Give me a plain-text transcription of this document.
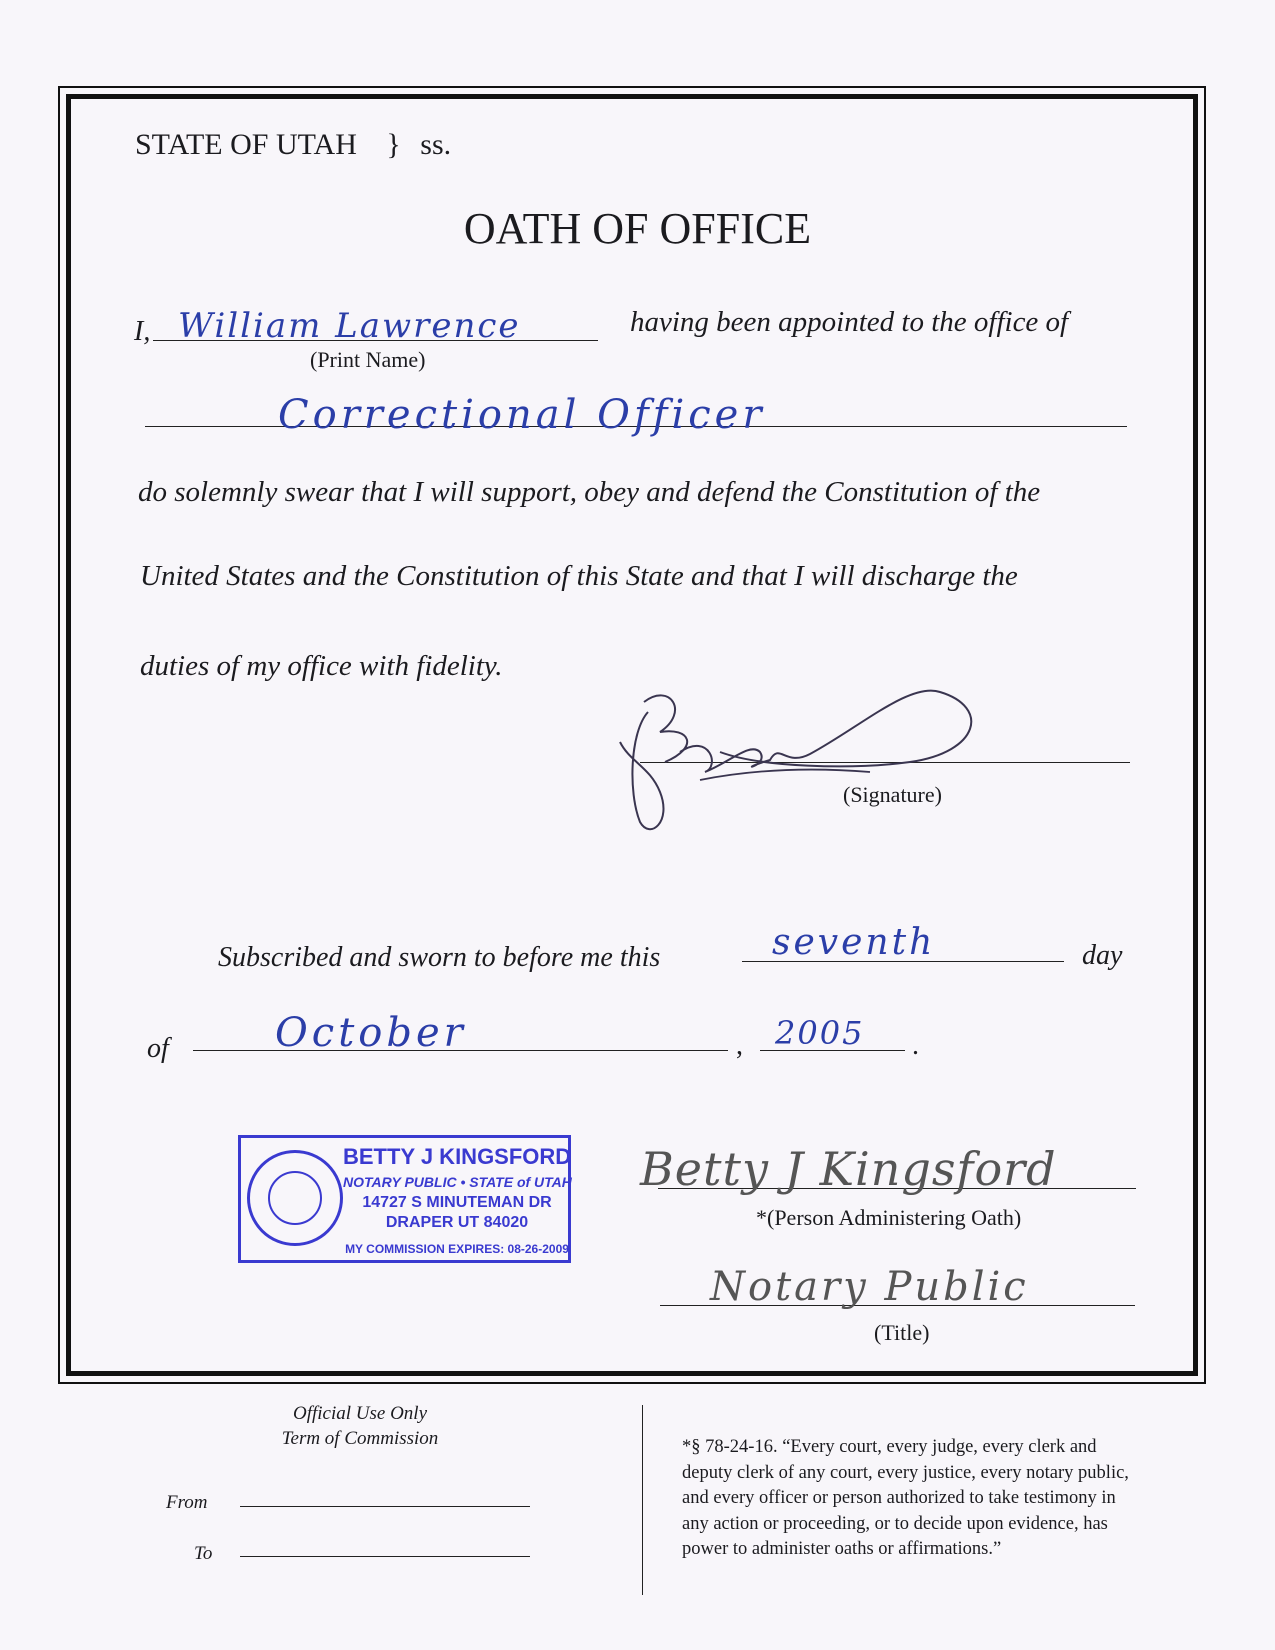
STATE OF UTAH } ss.
OATH OF OFFICE
I, William Lawrence
(Print Name)
having been appointed to the office of
Correctional Officer
do solemnly swear that I will support, obey and defend the Constitution of the
United States and the Constitution of this State and that I will discharge the
duties of my office with fidelity.
(Signature)
Subscribed and sworn to before me this	seventh	day
of	October	, 2005 .
BETTY J KINGSFORD
NOTARY PUBLIC • STATE of UTAH
14727 S MINUTEMAN DR
DRAPER UT 84020
MY COMMISSION EXPIRES: 08-26-2009
Betty J Kingsford
*(Person Administering Oath)
Notary Public
(Title)
Official Use Only
Term of Commission
From
To
*§ 78-24-16. “Every court, every judge, every clerk and
deputy clerk of any court, every justice, every notary public,
and every officer or person authorized to take testimony in
any action or proceeding, or to decide upon evidence, has
power to administer oaths or affirmations.”
